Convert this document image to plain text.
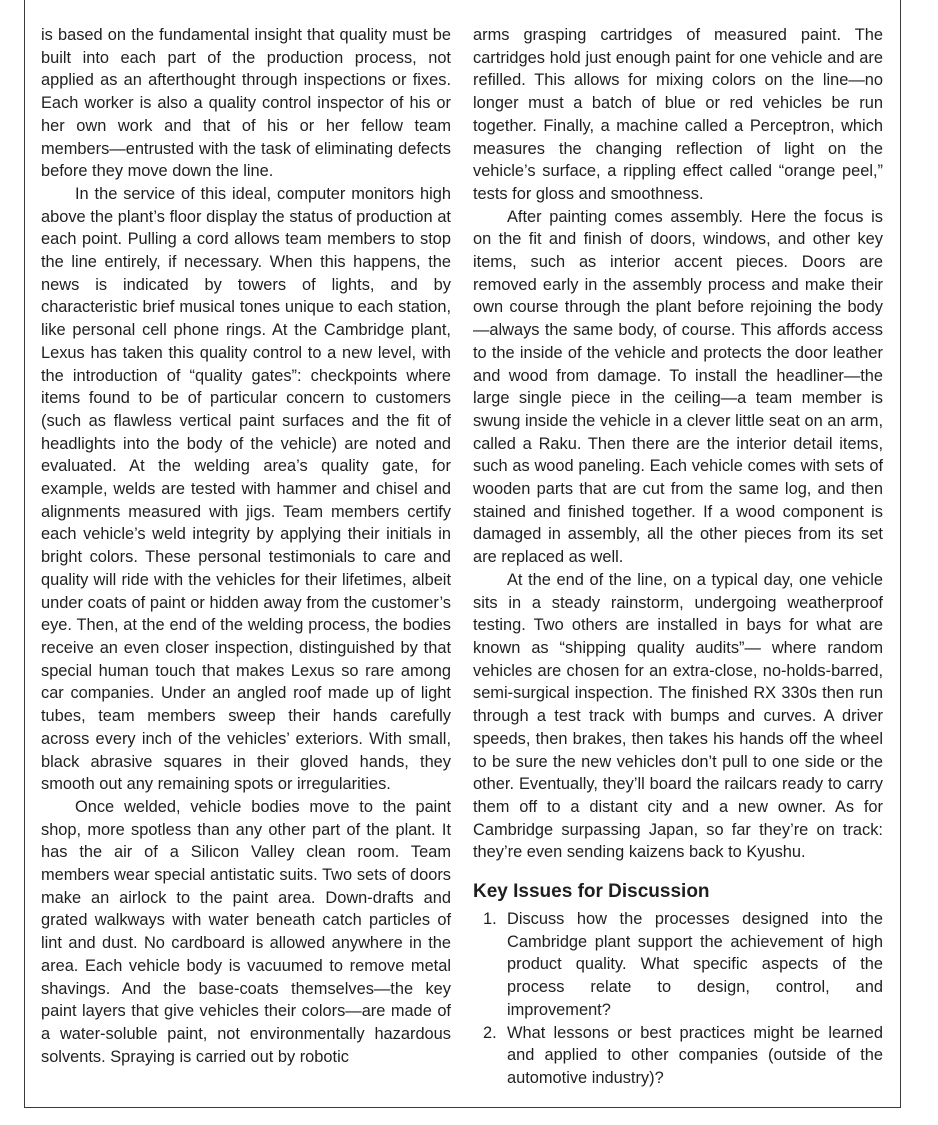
is based on the fundamental insight that quality must be built into each part of the production process, not applied as an afterthought through inspections or fixes. Each worker is also a quality control inspector of his or her own work and that of his or her fellow team members—entrusted with the task of eliminating defects before they move down the line.

In the service of this ideal, computer monitors high above the plant’s floor display the status of production at each point. Pulling a cord allows team members to stop the line entirely, if necessary. When this happens, the news is indicated by towers of lights, and by characteristic brief musical tones unique to each station, like personal cell phone rings. At the Cambridge plant, Lexus has taken this quality control to a new level, with the introduction of “quality gates”: checkpoints where items found to be of particular concern to customers (such as flawless vertical paint surfaces and the fit of headlights into the body of the vehicle) are noted and evaluated. At the welding area’s quality gate, for example, welds are tested with hammer and chisel and alignments measured with jigs. Team members certify each vehicle’s weld integrity by applying their initials in bright colors. These personal testimonials to care and quality will ride with the vehicles for their lifetimes, albeit under coats of paint or hidden away from the customer’s eye. Then, at the end of the welding process, the bodies receive an even closer inspection, distinguished by that special human touch that makes Lexus so rare among car companies. Under an angled roof made up of light tubes, team members sweep their hands carefully across every inch of the vehicles’ exteriors. With small, black abrasive squares in their gloved hands, they smooth out any remaining spots or irregularities.

Once welded, vehicle bodies move to the paint shop, more spotless than any other part of the plant. It has the air of a Silicon Valley clean room. Team members wear special antistatic suits. Two sets of doors make an airlock to the paint area. Down-drafts and grated walkways with water beneath catch particles of lint and dust. No cardboard is allowed anywhere in the area. Each vehicle body is vacuumed to remove metal shavings. And the base-coats themselves—the key paint layers that give vehicles their colors—are made of a water-soluble paint, not environmentally hazardous solvents. Spraying is carried out by robotic

arms grasping cartridges of measured paint. The cartridges hold just enough paint for one vehicle and are refilled. This allows for mixing colors on the line—no longer must a batch of blue or red vehicles be run together. Finally, a machine called a Perceptron, which measures the changing reflection of light on the vehicle’s surface, a rippling effect called “orange peel,” tests for gloss and smoothness.

After painting comes assembly. Here the focus is on the fit and finish of doors, windows, and other key items, such as interior accent pieces. Doors are removed early in the assembly process and make their own course through the plant before rejoining the body—always the same body, of course. This affords access to the inside of the vehicle and protects the door leather and wood from damage. To install the headliner—the large single piece in the ceiling—a team member is swung inside the vehicle in a clever little seat on an arm, called a Raku. Then there are the interior detail items, such as wood paneling. Each vehicle comes with sets of wooden parts that are cut from the same log, and then stained and finished together. If a wood component is damaged in assembly, all the other pieces from its set are replaced as well.

At the end of the line, on a typical day, one vehicle sits in a steady rainstorm, undergoing weatherproof testing. Two others are installed in bays for what are known as “shipping quality audits”— where random vehicles are chosen for an extra-close, no-holds-barred, semi-surgical inspection. The finished RX 330s then run through a test track with bumps and curves. A driver speeds, then brakes, then takes his hands off the wheel to be sure the new vehicles don’t pull to one side or the other. Eventually, they’ll board the railcars ready to carry them off to a distant city and a new owner. As for Cambridge surpassing Japan, so far they’re on track: they’re even sending kaizens back to Kyushu.

Key Issues for Discussion
1. Discuss how the processes designed into the Cambridge plant support the achievement of high product quality. What specific aspects of the process relate to design, control, and improvement?
2. What lessons or best practices might be learned and applied to other companies (outside of the automotive industry)?
